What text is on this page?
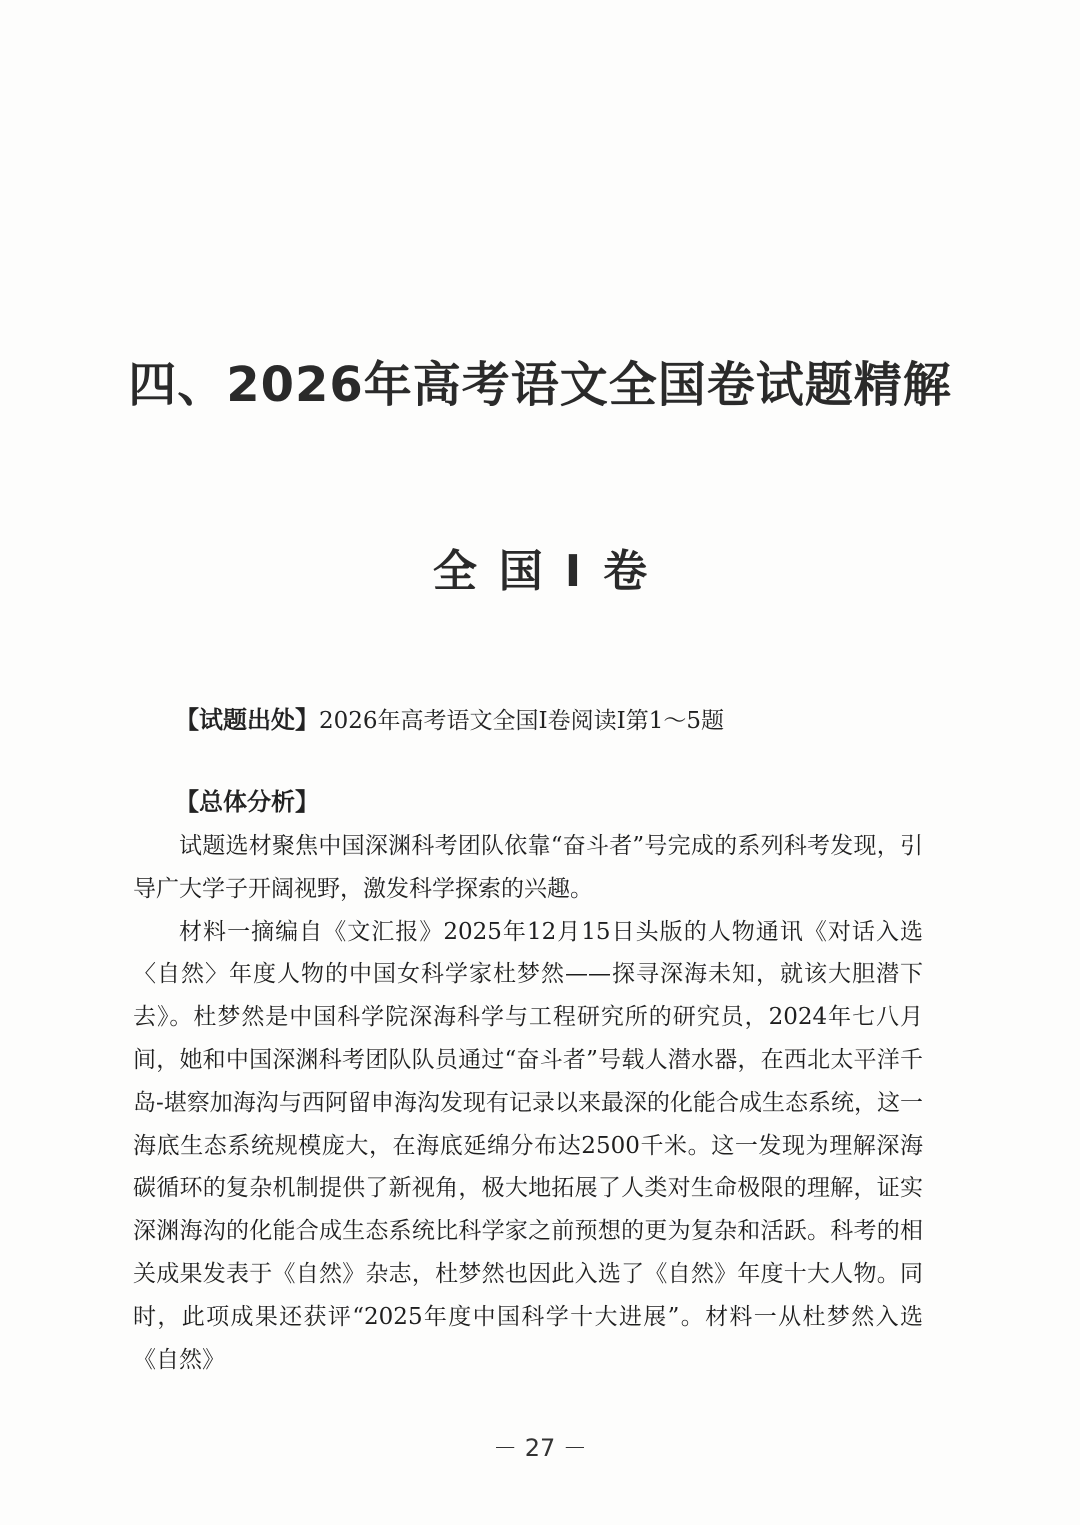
四、2026年高考语文全国卷试题精解
全国Ⅰ卷
【试题出处】2026年高考语文全国Ⅰ卷阅读Ⅰ第1～5题
【总体分析】

试题选材聚焦中国深渊科考团队依靠“奋斗者”号完成的系列科考发现，引导广大学子开阔视野，激发科学探索的兴趣。

材料一摘编自《文汇报》2025年12月15日头版的人物通讯《对话入选〈自然〉年度人物的中国女科学家杜梦然——探寻深海未知，就该大胆潜下去》。杜梦然是中国科学院深海科学与工程研究所的研究员，2024年七八月间，她和中国深渊科考团队队员通过“奋斗者”号载人潜水器，在西北太平洋千岛-堪察加海沟与西阿留申海沟发现有记录以来最深的化能合成生态系统，这一海底生态系统规模庞大，在海底延绵分布达2500千米。这一发现为理解深海碳循环的复杂机制提供了新视角，极大地拓展了人类对生命极限的理解，证实深渊海沟的化能合成生态系统比科学家之前预想的更为复杂和活跃。科考的相关成果发表于《自然》杂志，杜梦然也因此入选了《自然》年度十大人物。同时，此项成果还获评“2025年度中国科学十大进展”。材料一从杜梦然入选《自然》

－ 27 －
